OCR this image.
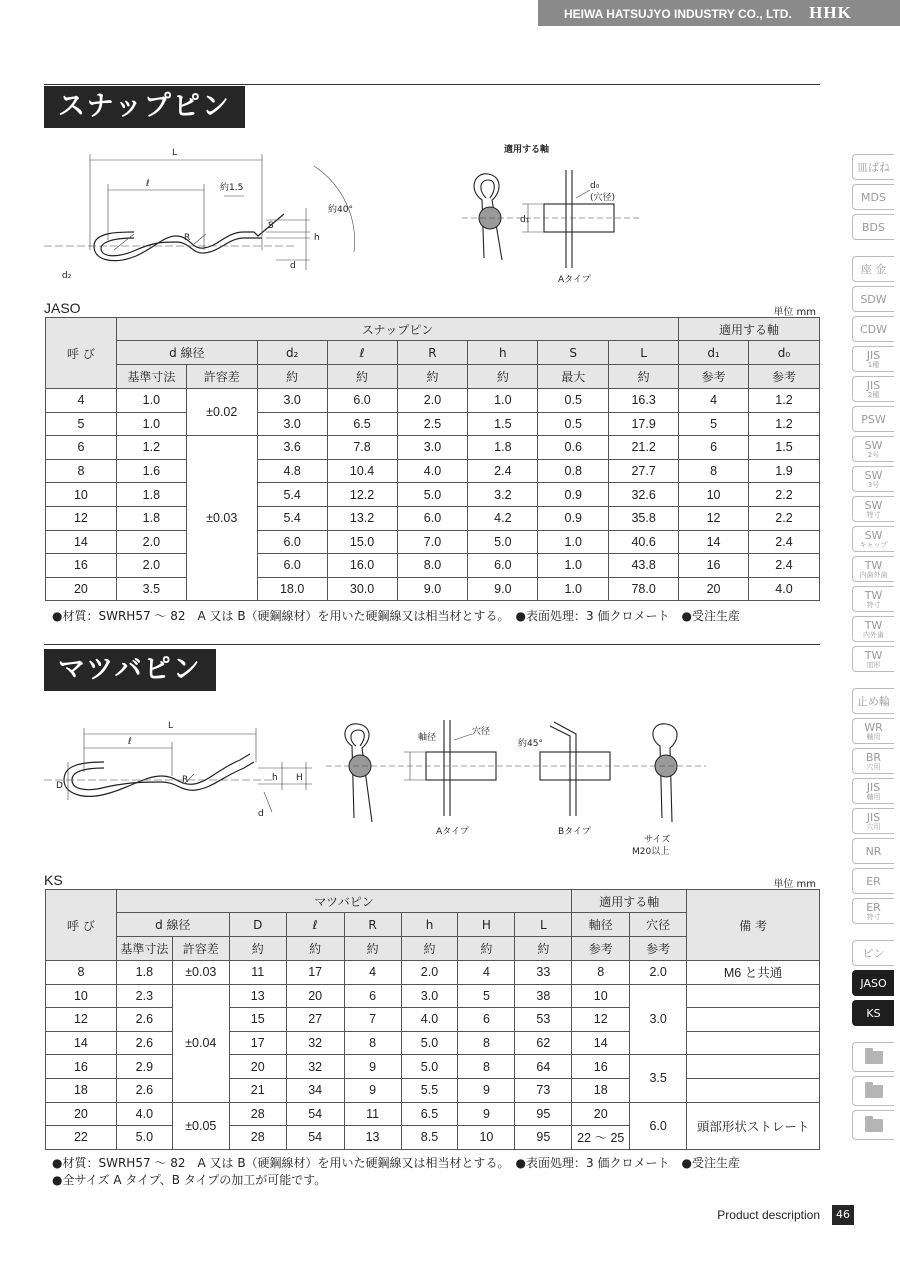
HEIWA HATSUJYO INDUSTRY CO., LTD. HHK
スナップピン
L
ℓ	約1.5
R
S
h
d
d₂
約40°
適用する軸
d₀
(穴径)
d₁
Aタイプ
JASO	単位 mm
呼 び	スナップピン								適用する軸	
	d 線径		d₂	ℓ	R	h	S	L	d₁	d₀
	基準寸法	許容差	約	約	約	約	最大	約	参考	参考
4	1.0	±0.02	3.0	6.0	2.0	1.0	0.5	16.3	4	1.2
5	1.0		3.0	6.5	2.5	1.5	0.5	17.9	5	1.2
6	1.2	±0.03	3.6	7.8	3.0	1.8	0.6	21.2	6	1.5
8	1.6		4.8	10.4	4.0	2.4	0.8	27.7	8	1.9
10	1.8		5.4	12.2	5.0	3.2	0.9	32.6	10	2.2
12	1.8		5.4	13.2	6.0	4.2	0.9	35.8	12	2.2
14	2.0		6.0	15.0	7.0	5.0	1.0	40.6	14	2.4
16	2.0		6.0	16.0	8.0	6.0	1.0	43.8	16	2.4
20	3.5		18.0	30.0	9.0	9.0	1.0	78.0	20	4.0
●材質：SWRH57 〜 82　A 又は B（硬鋼線材）を用いた硬鋼線又は相当材とする。　●表面処理：3 価クロメート　●受注生産
マツバピン
L
ℓ
R
D
h H
d
軸径
穴径
約45°
Aタイプ	Bタイプ
サイズ
M20以上
KS	単位 mm
呼 び	マツバピン								適用する軸		備 考
	d 線径		D	ℓ	R	h	H	L	軸径	穴径	
	基準寸法	許容差	約	約	約	約	約	約	参考	参考	
8	1.8	±0.03	11	17	4	2.0	4	33	8	2.0	M6 と共通
10	2.3	±0.04	13	20	6	3.0	5	38	10	3.0	
12	2.6		15	27	7	4.0	6	53	12		
14	2.6		17	32	8	5.0	8	62	14		
16	2.9		20	32	9	5.0	8	64	16	3.5	
18	2.6		21	34	9	5.5	9	73	18		
20	4.0	±0.05	28	54	11	6.5	9	95	20	6.0	頭部形状ストレート
22	5.0		28	54	13	8.5	10	95	22 〜 25		
●材質：SWRH57 〜 82　A 又は B（硬鋼線材）を用いた硬鋼線又は相当材とする。　●表面処理：3 価クロメート　●受注生産
●全サイズ A タイプ、B タイプの加工が可能です。
皿ばね
MDS
BDS
座 金
SDW
CDW
JIS
1種
JIS
2種
PSW
SW
2号
SW
3号
SW
特寸
SW
キャップ
TW
内歯外歯
TW
特寸
TW
内外歯
TW
皿形
止め輪
WR
軸用
BR
穴用
JIS
軸用
JIS
穴用
NR
ER
ER
特寸
ピン
JASO
KS
Product description	46
